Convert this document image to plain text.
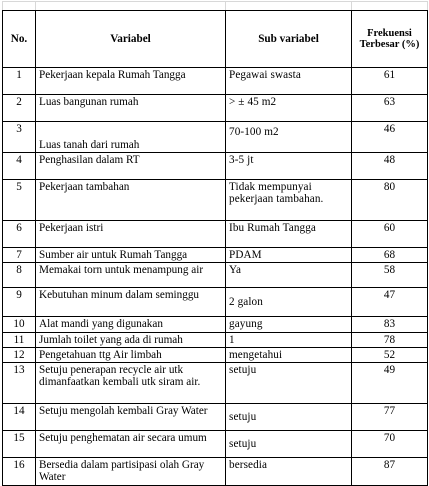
No.	Variabel	Sub variabel	Frekuensi Terbesar (%)
1	Pekerjaan kepala Rumah Tangga	Pegawai swasta	61
2	Luas bangunan rumah	> ± 45 m2	63
3	Luas tanah dari rumah	70-100 m2	46
4	Penghasilan dalam RT	3-5 jt	48
5	Pekerjaan tambahan	Tidak mempunyai pekerjaan tambahan.	80
6	Pekerjaan istri	Ibu Rumah Tangga	60
7	Sumber air untuk Rumah Tangga	PDAM	68
8	Memakai torn untuk menampung air	Ya	58
9	Kebutuhan minum dalam seminggu	2 galon	47
10	Alat mandi yang digunakan	gayung	83
11	Jumlah toilet yang ada di rumah	1	78
12	Pengetahuan ttg Air limbah	mengetahui	52
13	Setuju penerapan recycle air utk dimanfaatkan kembali utk siram air.	setuju	49
14	Setuju mengolah kembali Gray Water	setuju	77
15	Setuju penghematan air secara umum	setuju	70
16	Bersedia dalam partisipasi olah Gray Water	bersedia	87
